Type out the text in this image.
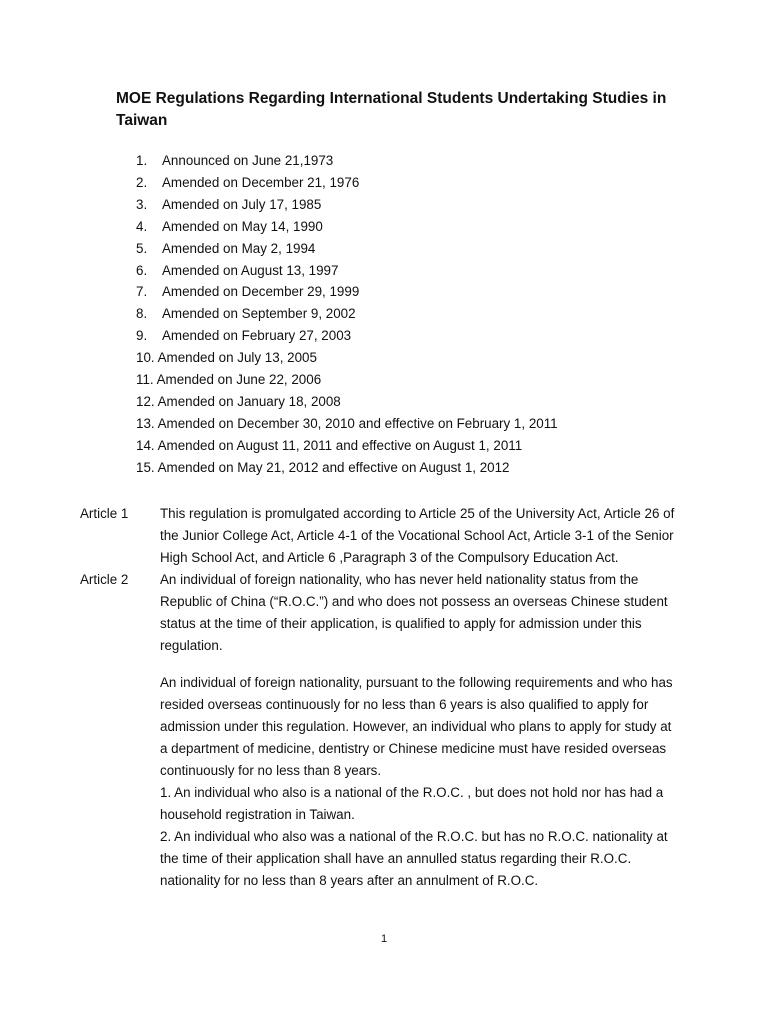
MOE Regulations Regarding International Students Undertaking Studies in Taiwan
1. Announced on June 21,1973
2. Amended on December 21, 1976
3. Amended on July 17, 1985
4. Amended on May 14, 1990
5. Amended on May 2, 1994
6. Amended on August 13, 1997
7. Amended on December 29, 1999
8. Amended on September 9, 2002
9. Amended on February 27, 2003
10. Amended on July 13, 2005
11. Amended on June 22, 2006
12. Amended on January 18, 2008
13. Amended on December 30, 2010 and effective on February 1, 2011
14. Amended on August 11, 2011 and effective on August 1, 2011
15. Amended on May 21, 2012 and effective on August 1, 2012
Article 1	This regulation is promulgated according to Article 25 of the University Act, Article 26 of the Junior College Act, Article 4-1 of the Vocational School Act, Article 3-1 of the Senior High School Act, and Article 6 ,Paragraph 3 of the Compulsory Education Act.

Article 2	An individual of foreign nationality, who has never held nationality status from the Republic of China (“R.O.C.”) and who does not possess an overseas Chinese student status at the time of their application, is qualified to apply for admission under this regulation.

An individual of foreign nationality, pursuant to the following requirements and who has resided overseas continuously for no less than 6 years is also qualified to apply for admission under this regulation. However, an individual who plans to apply for study at a department of medicine, dentistry or Chinese medicine must have resided overseas continuously for no less than 8 years.

1. An individual who also is a national of the R.O.C. , but does not hold nor has had a household registration in Taiwan.

2. An individual who also was a national of the R.O.C. but has no R.O.C. nationality at the time of their application shall have an annulled status regarding their R.O.C. nationality for no less than 8 years after an annulment of R.O.C.

1
